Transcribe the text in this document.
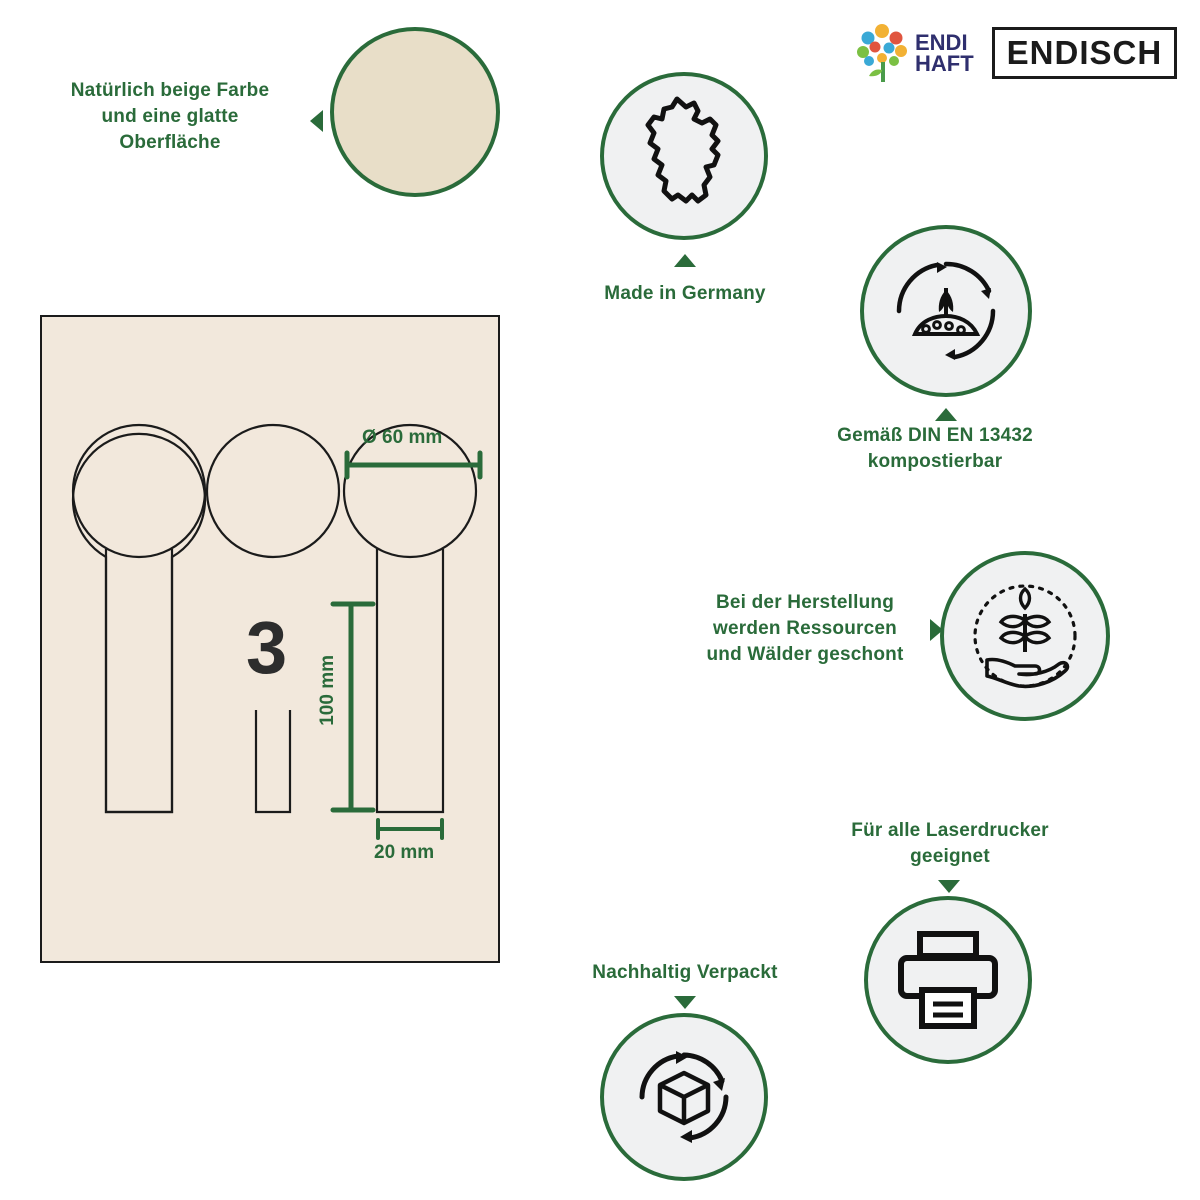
ENDI
HAFT ENDISCH
Natürlich beige Farbe
und eine glatte
Oberfläche
Made in Germany
Gemäß DIN EN 13432
kompostierbar
Bei der Herstellung
werden Ressourcen
und Wälder geschont
Für alle Laserdrucker
geeignet
Nachhaltig Verpackt
3
Ø 60 mm
100 mm
20 mm
